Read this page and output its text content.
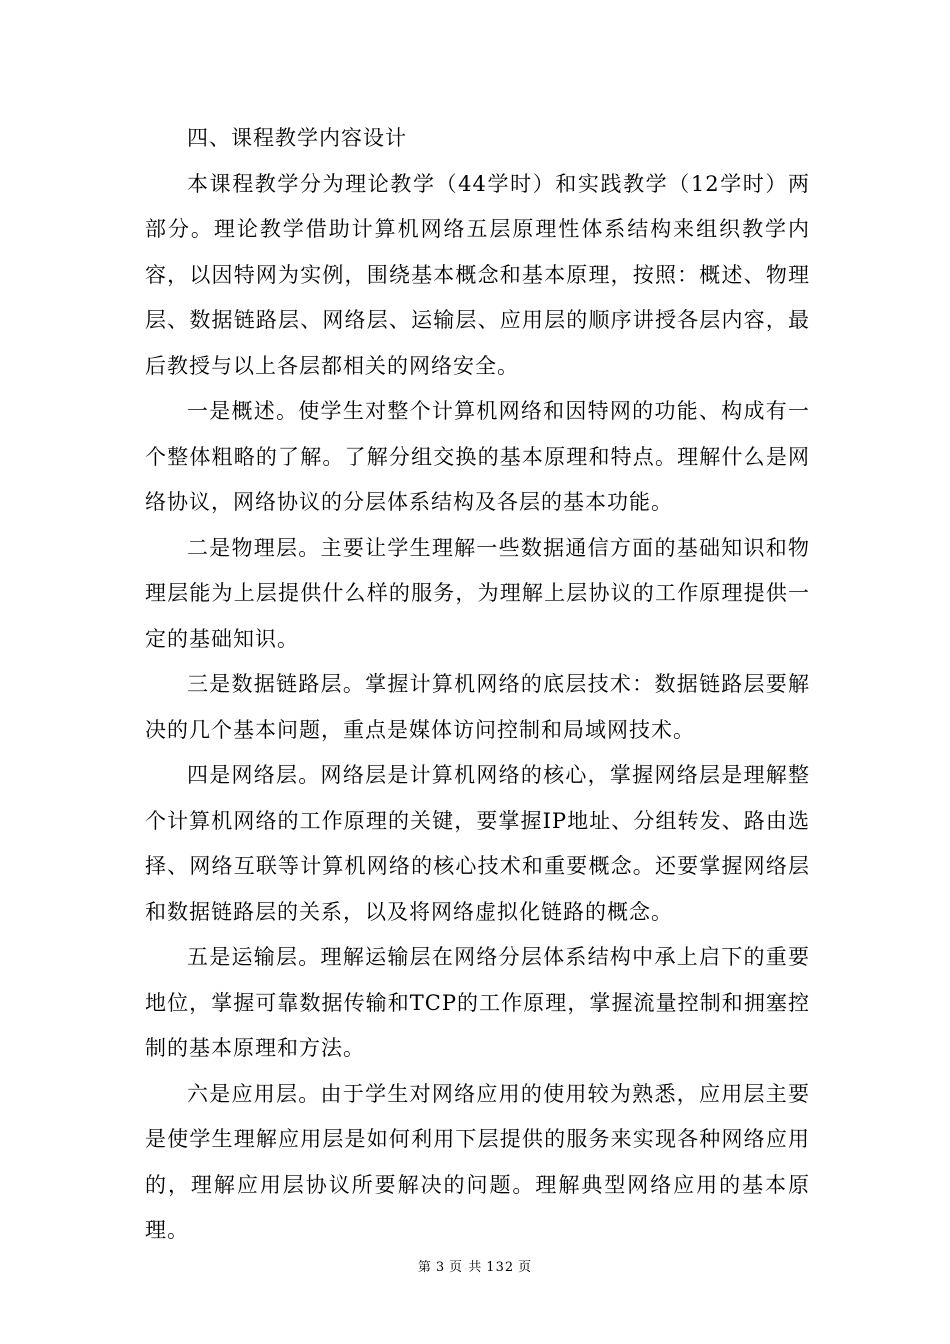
四、课程教学内容设计

本课程教学分为理论教学（44学时）和实践教学（12学时）两部分。理论教学借助计算机网络五层原理性体系结构来组织教学内容，以因特网为实例，围绕基本概念和基本原理，按照：概述、物理层、数据链路层、网络层、运输层、应用层的顺序讲授各层内容，最后教授与以上各层都相关的网络安全。

一是概述。使学生对整个计算机网络和因特网的功能、构成有一个整体粗略的了解。了解分组交换的基本原理和特点。理解什么是网络协议，网络协议的分层体系结构及各层的基本功能。

二是物理层。主要让学生理解一些数据通信方面的基础知识和物理层能为上层提供什么样的服务，为理解上层协议的工作原理提供一定的基础知识。

三是数据链路层。掌握计算机网络的底层技术：数据链路层要解决的几个基本问题，重点是媒体访问控制和局域网技术。

四是网络层。网络层是计算机网络的核心，掌握网络层是理解整个计算机网络的工作原理的关键，要掌握IP地址、分组转发、路由选择、网络互联等计算机网络的核心技术和重要概念。还要掌握网络层和数据链路层的关系，以及将网络虚拟化链路的概念。

五是运输层。理解运输层在网络分层体系结构中承上启下的重要地位，掌握可靠数据传输和TCP的工作原理，掌握流量控制和拥塞控制的基本原理和方法。

六是应用层。由于学生对网络应用的使用较为熟悉，应用层主要是使学生理解应用层是如何利用下层提供的服务来实现各种网络应用的，理解应用层协议所要解决的问题。理解典型网络应用的基本原理。

第 3 页 共 132 页
